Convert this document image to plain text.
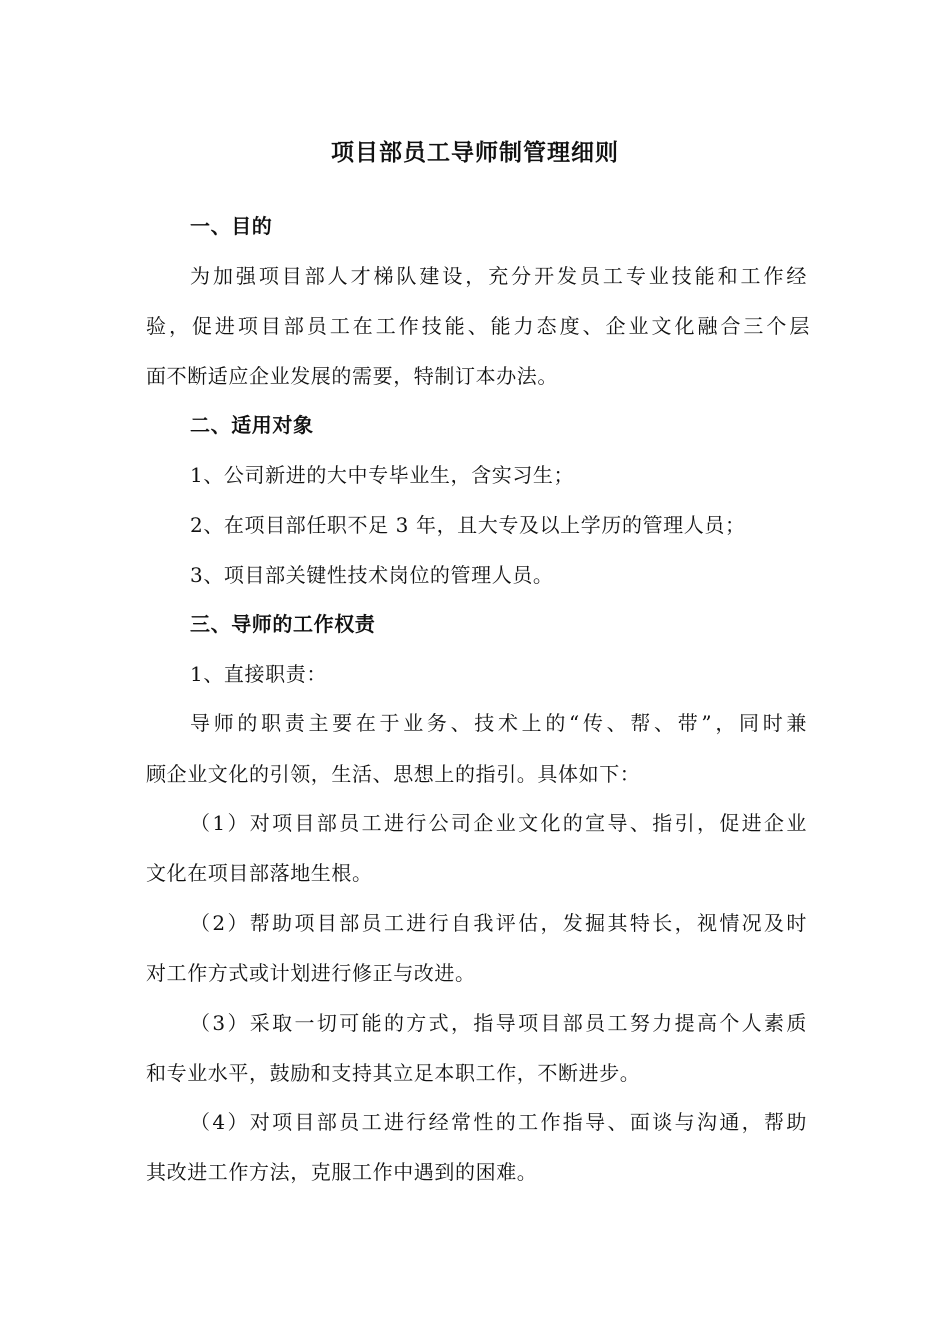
项目部员工导师制管理细则
一、目的
为加强项目部人才梯队建设，充分开发员工专业技能和工作经
验，促进项目部员工在工作技能、能力态度、企业文化融合三个层
面不断适应企业发展的需要，特制订本办法。
二、适用对象
1、公司新进的大中专毕业生，含实习生；
2、在项目部任职不足 3 年，且大专及以上学历的管理人员；
3、项目部关键性技术岗位的管理人员。
三、导师的工作权责
1、直接职责：
导师的职责主要在于业务、技术上的“传、帮、带”，同时兼
顾企业文化的引领，生活、思想上的指引。具体如下：
（1）对项目部员工进行公司企业文化的宣导、指引，促进企业
文化在项目部落地生根。
（2）帮助项目部员工进行自我评估，发掘其特长，视情况及时
对工作方式或计划进行修正与改进。
（3）采取一切可能的方式，指导项目部员工努力提高个人素质
和专业水平，鼓励和支持其立足本职工作，不断进步。
（4）对项目部员工进行经常性的工作指导、面谈与沟通，帮助
其改进工作方法，克服工作中遇到的困难。
